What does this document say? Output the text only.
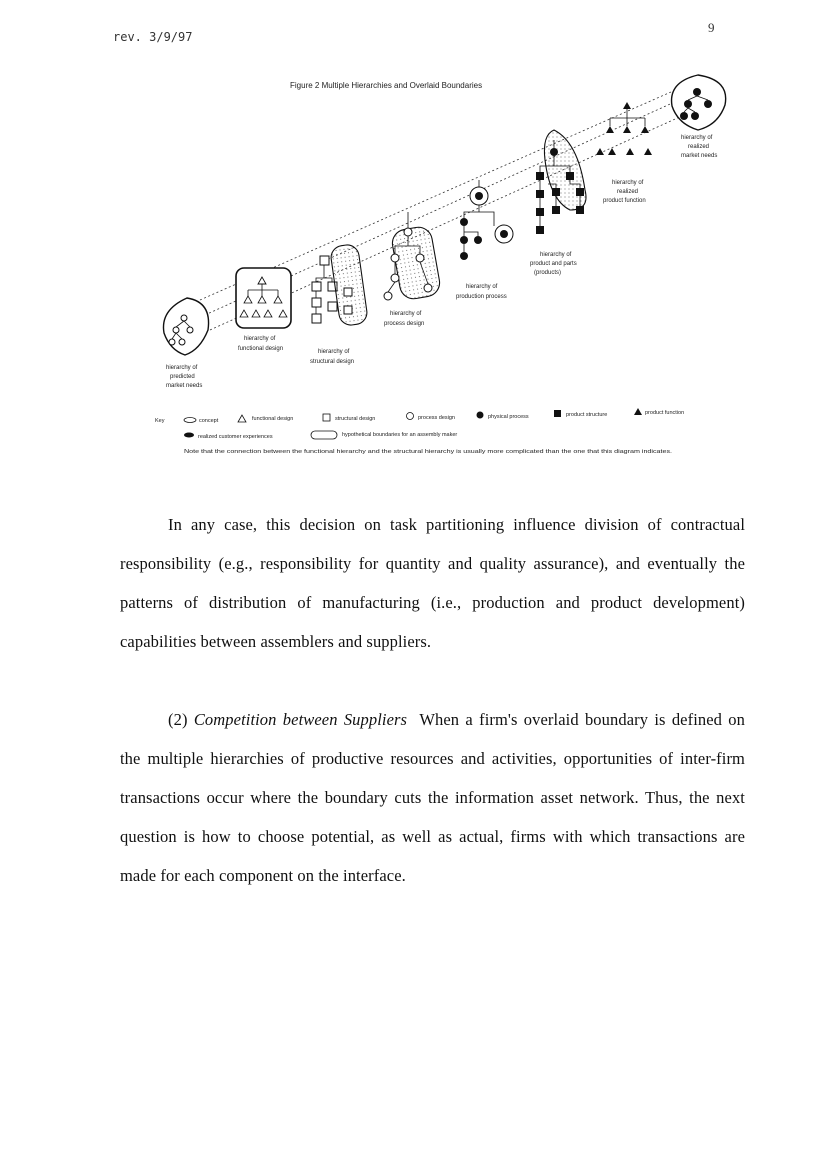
rev. 3/9/97
9
Figure 2 Multiple Hierarchies and Overlaid Boundaries
hierarchy of
predicted
market needs
hierarchy of
functional design	hierarchy of
structural design
hierarchy of
process design
hierarchy of
production process
hierarchy of
product and parts
(products)
hierarchy of
realized
product function
hierarchy of
realized
market needs
Key	concept	functional design	structural design	process design	physical process	product structure	product function
realized customer experiences	hypothetical boundaries for an assembly maker
Note that the connection between the functional hierarchy and the structural hierarchy is usually more complicated than the one that this diagram indicates.

In any case, this decision on task partitioning influence division of contractual responsibility (e.g., responsibility for quantity and quality assurance), and eventually the patterns of distribution of manufacturing (i.e., production and product development) capabilities between assemblers and suppliers.

(2) Competition between Suppliers When a firm's overlaid boundary is defined on the multiple hierarchies of productive resources and activities, opportunities of inter-firm transactions occur where the boundary cuts the information asset network. Thus, the next question is how to choose potential, as well as actual, firms with which transactions are made for each component on the interface.
